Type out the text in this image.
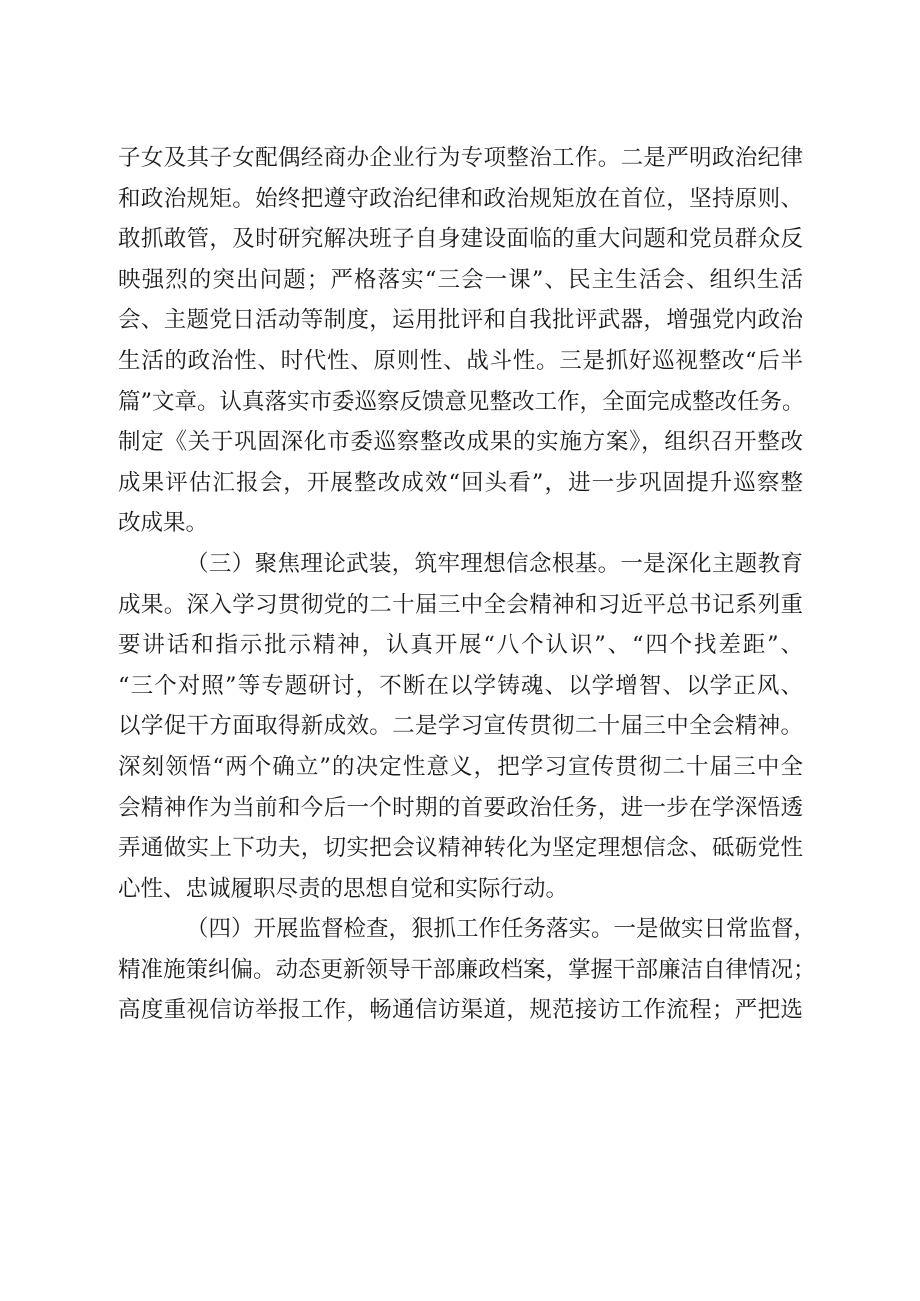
子女及其子女配偶经商办企业行为专项整治工作。二是严明政治纪律
和政治规矩。始终把遵守政治纪律和政治规矩放在首位，坚持原则、
敢抓敢管，及时研究解决班子自身建设面临的重大问题和党员群众反
映强烈的突出问题；严格落实“三会一课”、民主生活会、组织生活
会、主题党日活动等制度，运用批评和自我批评武器，增强党内政治
生活的政治性、时代性、原则性、战斗性。三是抓好巡视整改“后半
篇”文章。认真落实市委巡察反馈意见整改工作，全面完成整改任务。
制定《关于巩固深化市委巡察整改成果的实施方案》，组织召开整改
成果评估汇报会，开展整改成效“回头看”，进一步巩固提升巡察整
改成果。
（三）聚焦理论武装，筑牢理想信念根基。一是深化主题教育
成果。深入学习贯彻党的二十届三中全会精神和习近平总书记系列重
要讲话和指示批示精神，认真开展“八个认识”、“四个找差距”、
“三个对照”等专题研讨，不断在以学铸魂、以学增智、以学正风、
以学促干方面取得新成效。二是学习宣传贯彻二十届三中全会精神。
深刻领悟“两个确立”的决定性意义，把学习宣传贯彻二十届三中全
会精神作为当前和今后一个时期的首要政治任务，进一步在学深悟透
弄通做实上下功夫，切实把会议精神转化为坚定理想信念、砥砺党性
心性、忠诚履职尽责的思想自觉和实际行动。
（四）开展监督检查，狠抓工作任务落实。一是做实日常监督，
精准施策纠偏。动态更新领导干部廉政档案，掌握干部廉洁自律情况；
高度重视信访举报工作，畅通信访渠道，规范接访工作流程；严把选
